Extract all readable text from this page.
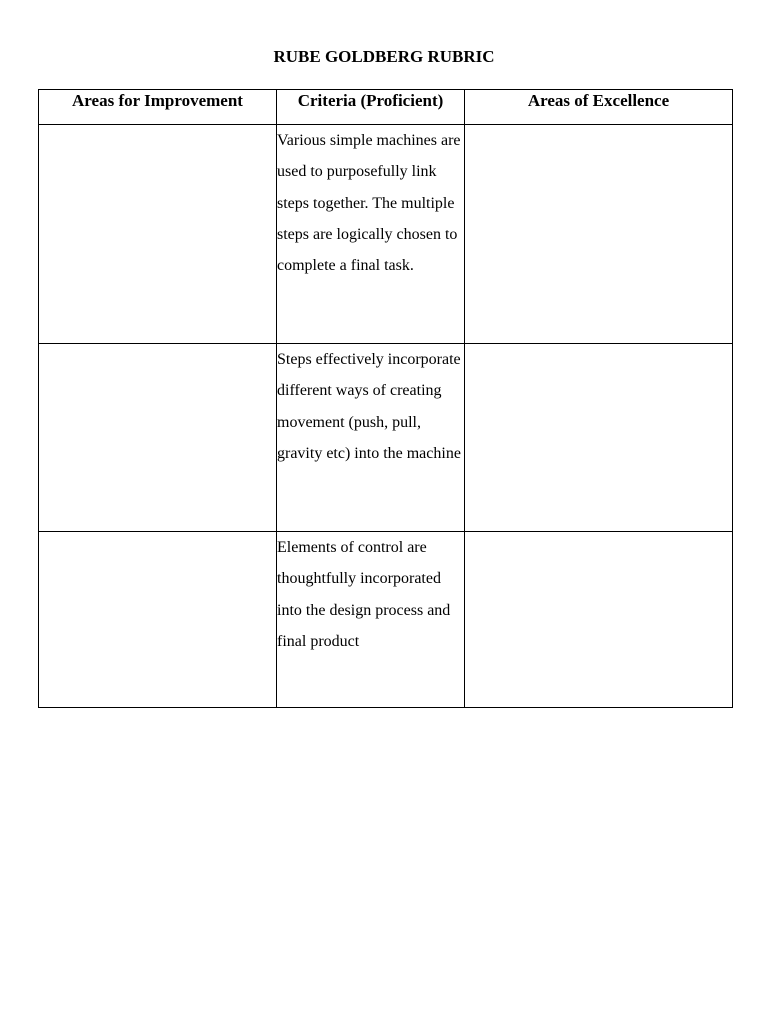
RUBE GOLDBERG RUBRIC
Areas for Improvement	Criteria (Proficient)	Areas of Excellence
	Various simple machines are used to purposefully link steps together. The multiple steps are logically chosen to complete a final task.	
	Steps effectively incorporate different ways of creating movement (push, pull, gravity etc) into the machine	
	Elements of control are thoughtfully incorporated into the design process and final product	
